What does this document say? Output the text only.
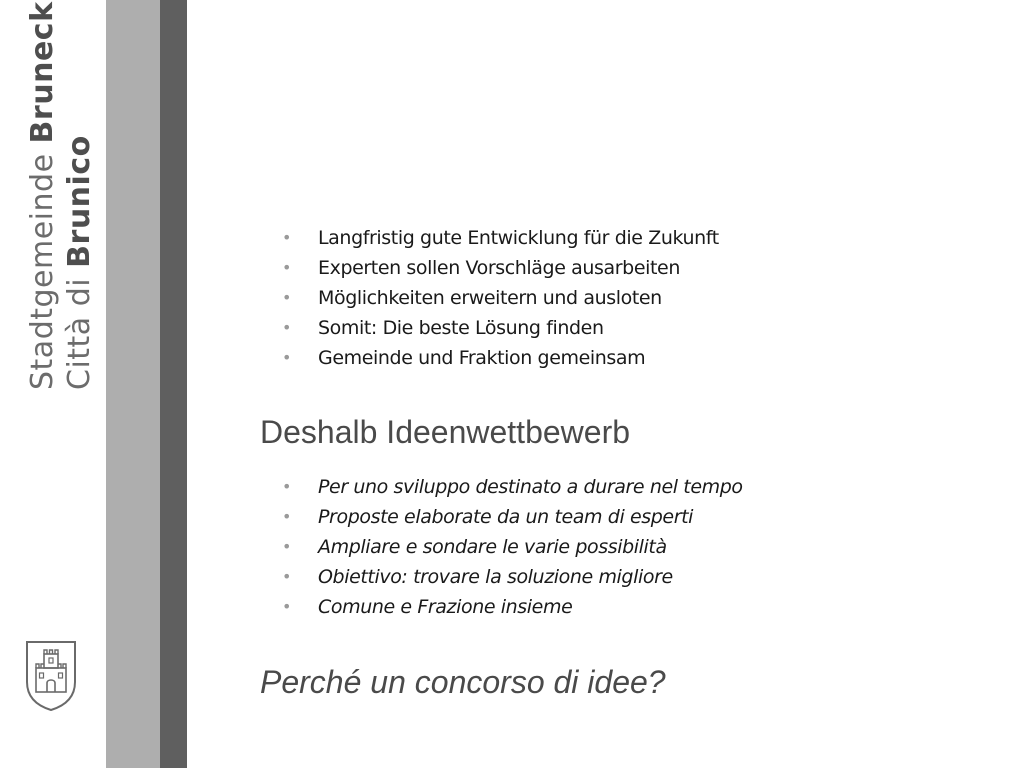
Stadtgemeinde Bruneck
Città di Brunico	• Langfristig gute Entwicklung für die Zukunft
• Experten sollen Vorschläge ausarbeiten
• Möglichkeiten erweitern und ausloten
• Somit: Die beste Lösung finden
• Gemeinde und Fraktion gemeinsam
Deshalb Ideenwettbewerb
• Per uno sviluppo destinato a durare nel tempo
• Proposte elaborate da un team di esperti
• Ampliare e sondare le varie possibilità
• Obiettivo: trovare la soluzione migliore
• Comune e Frazione insieme
Perché un concorso di idee?
